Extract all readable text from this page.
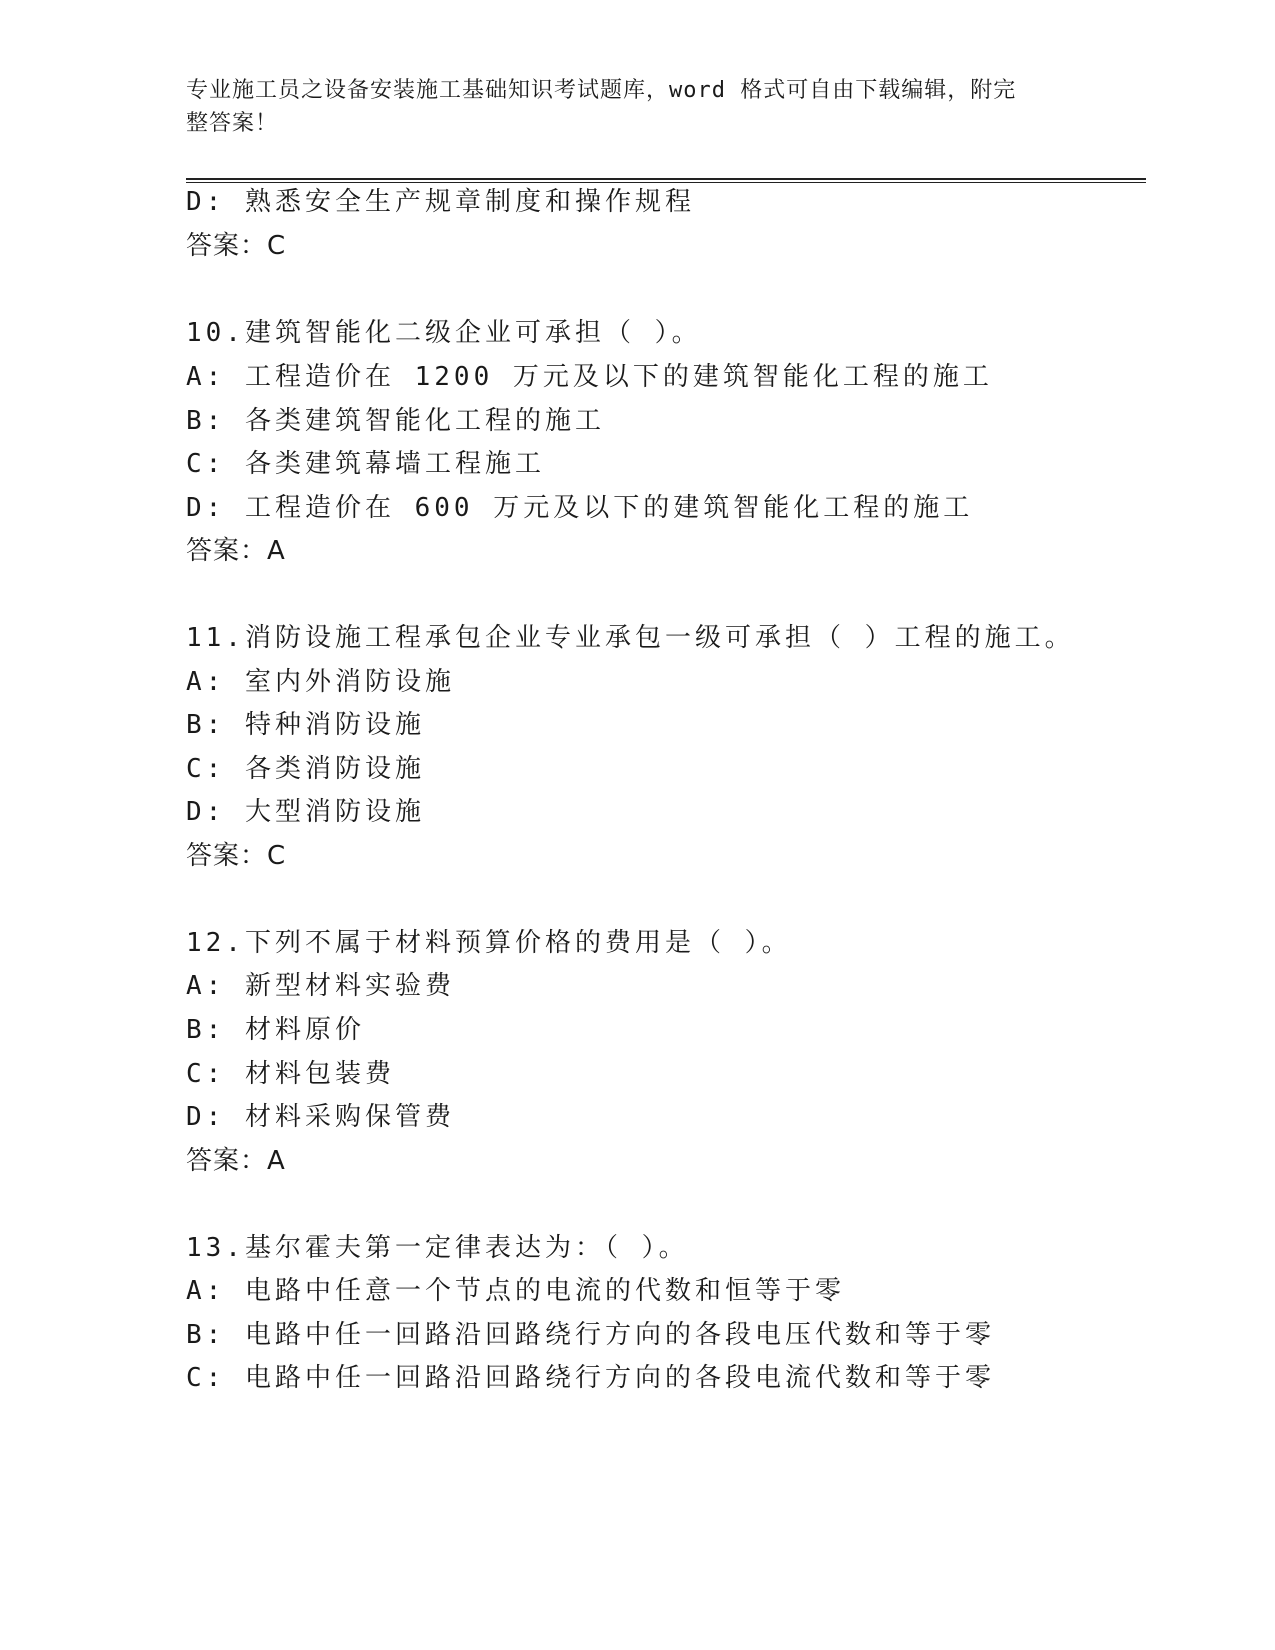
专业施工员之设备安装施工基础知识考试题库，word 格式可自由下载编辑，附完
整答案！
D: 熟悉安全生产规章制度和操作规程
答案：C
10.建筑智能化二级企业可承担（ ）。
A: 工程造价在 1200 万元及以下的建筑智能化工程的施工
B: 各类建筑智能化工程的施工
C: 各类建筑幕墙工程施工
D: 工程造价在 600 万元及以下的建筑智能化工程的施工
答案：A
11.消防设施工程承包企业专业承包一级可承担（ ）工程的施工。
A: 室内外消防设施
B: 特种消防设施
C: 各类消防设施
D: 大型消防设施
答案：C
12.下列不属于材料预算价格的费用是（ ）。
A: 新型材料实验费
B: 材料原价
C: 材料包装费
D: 材料采购保管费
答案：A
13.基尔霍夫第一定律表达为：（ ）。
A: 电路中任意一个节点的电流的代数和恒等于零
B: 电路中任一回路沿回路绕行方向的各段电压代数和等于零
C: 电路中任一回路沿回路绕行方向的各段电流代数和等于零
